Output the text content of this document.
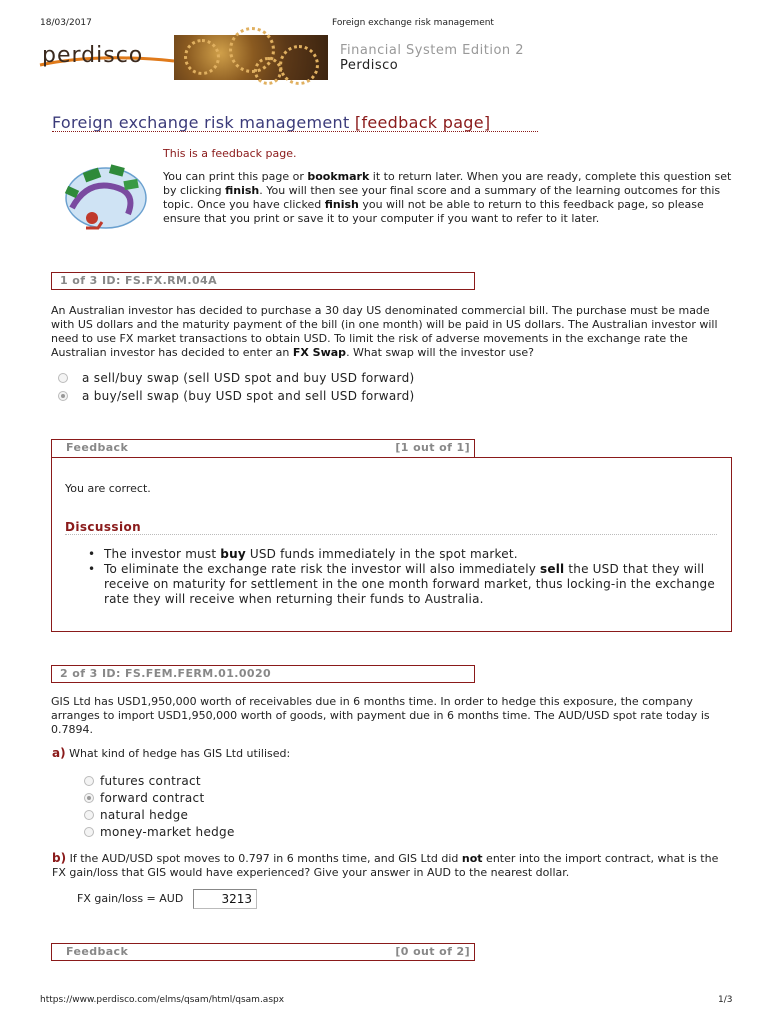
18/03/2017	Foreign exchange risk management
perdisco	Financial System Edition 2
Perdisco
Foreign exchange risk management [feedback page]
This is a feedback page.
You can print this page or bookmark it to return later. When you are ready, complete this question set by clicking finish. You will then see your final score and a summary of the learning outcomes for this topic. Once you have clicked finish you will not be able to return to this feedback page, so please ensure that you print or save it to your computer if you want to refer to it later.
1 of 3 ID: FS.FX.RM.04A
An Australian investor has decided to purchase a 30 day US denominated commercial bill. The purchase must be made with US dollars and the maturity payment of the bill (in one month) will be paid in US dollars. The Australian investor will need to use FX market transactions to obtain USD. To limit the risk of adverse movements in the exchange rate the Australian investor has decided to enter an FX Swap. What swap will the investor use?
a sell/buy swap (sell USD spot and buy USD forward)
a buy/sell swap (buy USD spot and sell USD forward)
Feedback	[1 out of 1]
You are correct.
Discussion
• The investor must buy USD funds immediately in the spot market.
• To eliminate the exchange rate risk the investor will also immediately sell the USD that they will receive on maturity for settlement in the one month forward market, thus locking-in the exchange rate they will receive when returning their funds to Australia.
2 of 3 ID: FS.FEM.FERM.01.0020
GIS Ltd has USD1,950,000 worth of receivables due in 6 months time. In order to hedge this exposure, the company arranges to import USD1,950,000 worth of goods, with payment due in 6 months time. The AUD/USD spot rate today is 0.7894.
a) What kind of hedge has GIS Ltd utilised:
futures contract
forward contract
natural hedge
money-market hedge
b) If the AUD/USD spot moves to 0.797 in 6 months time, and GIS Ltd did not enter into the import contract, what is the FX gain/loss that GIS would have experienced? Give your answer in AUD to the nearest dollar.
FX gain/loss = AUD	3213
Feedback	[0 out of 2]
https://www.perdisco.com/elms/qsam/html/qsam.aspx	1/3
